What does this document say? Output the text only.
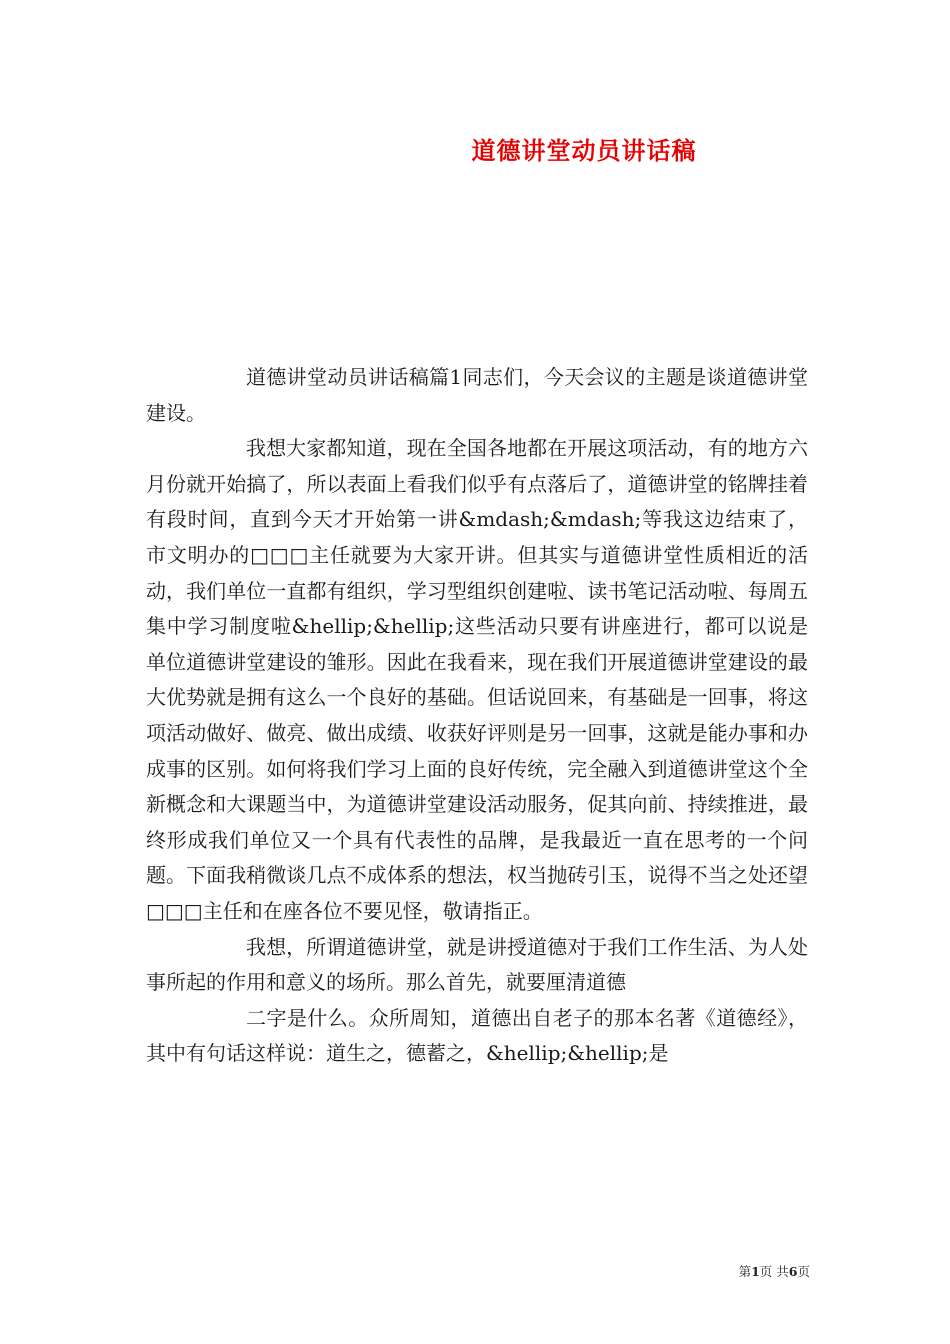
道德讲堂动员讲话稿

道德讲堂动员讲话稿篇1同志们，今天会议的主题是谈道德讲堂建设。

我想大家都知道，现在全国各地都在开展这项活动，有的地方六月份就开始搞了，所以表面上看我们似乎有点落后了，道德讲堂的铭牌挂着有段时间，直到今天才开始第一讲&mdash;&mdash;等我这边结束了，市文明办的□□□主任就要为大家开讲。但其实与道德讲堂性质相近的活动，我们单位一直都有组织，学习型组织创建啦、读书笔记活动啦、每周五集中学习制度啦&hellip;&hellip;这些活动只要有讲座进行，都可以说是单位道德讲堂建设的雏形。因此在我看来，现在我们开展道德讲堂建设的最大优势就是拥有这么一个良好的基础。但话说回来，有基础是一回事，将这项活动做好、做亮、做出成绩、收获好评则是另一回事，这就是能办事和办成事的区别。如何将我们学习上面的良好传统，完全融入到道德讲堂这个全新概念和大课题当中，为道德讲堂建设活动服务，促其向前、持续推进，最终形成我们单位又一个具有代表性的品牌，是我最近一直在思考的一个问题。下面我稍微谈几点不成体系的想法，权当抛砖引玉，说得不当之处还望□□□主任和在座各位不要见怪，敬请指正。

我想，所谓道德讲堂，就是讲授道德对于我们工作生活、为人处事所起的作用和意义的场所。那么首先，就要厘清道德

二字是什么。众所周知，道德出自老子的那本名著《道德经》，其中有句话这样说：道生之，德蓄之，&hellip;&hellip;是

第1页 共6页
